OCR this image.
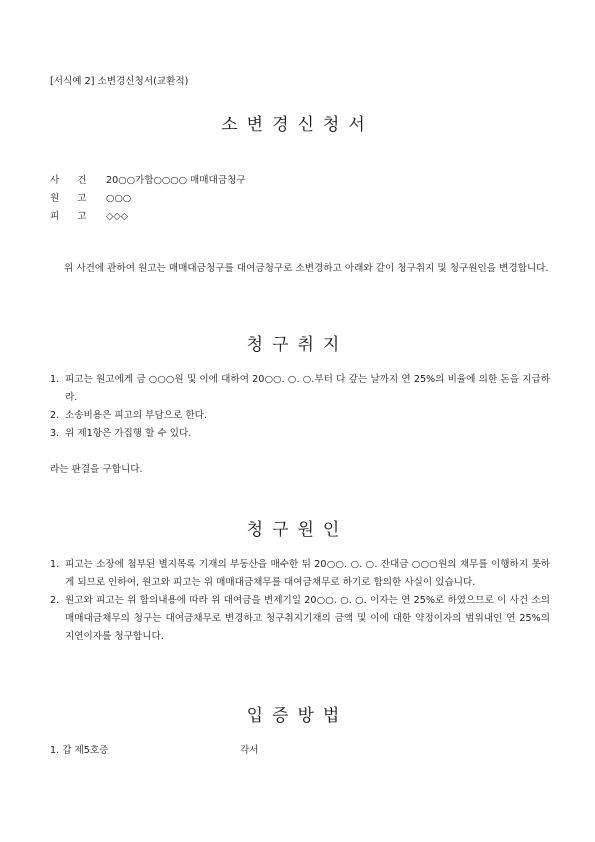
[서식예 2] 소변경신청서(교환적)
소변경신청서
사건20○○가합○○○○ 매매대금청구
원고○○○
피고◇◇◇
위 사건에 관하여 원고는 매매대금청구를 대여금청구로 소변경하고 아래와 같이 청구취지 및 청구원인을 변경합니다.
청구취지
1. 피고는 원고에게 금 ○○○원 및 이에 대하여 20○○. ○. ○.부터 다 갚는 날까지 연 25%의 비율에 의한 돈을 지급하라.
2. 소송비용은 피고의 부담으로 한다.
3. 위 제1항은 가집행 할 수 있다.
라는 판결을 구합니다.
청구원인
1. 피고는 소장에 첨부된 별지목록 기재의 부동산을 매수한 뒤 20○○. ○. ○. 잔대금 ○○○원의 채무를 이행하지 못하게 되므로 인하여, 원고와 피고는 위 매매대금채무를 대여금채무로 하기로 합의한 사실이 있습니다.
2. 원고와 피고는 위 합의내용에 따라 위 대여금을 변제기일 20○○. ○. ○. 이자는 연 25%로 하였으므로 이 사건 소의 매매대금채무의 청구는 대여금채무로 변경하고 청구취지기재의 금액 및 이에 대한 약정이자의 범위내인 연 25%의 지연이자를 청구합니다.
입증방법
1. 갑 제5호증	각서
